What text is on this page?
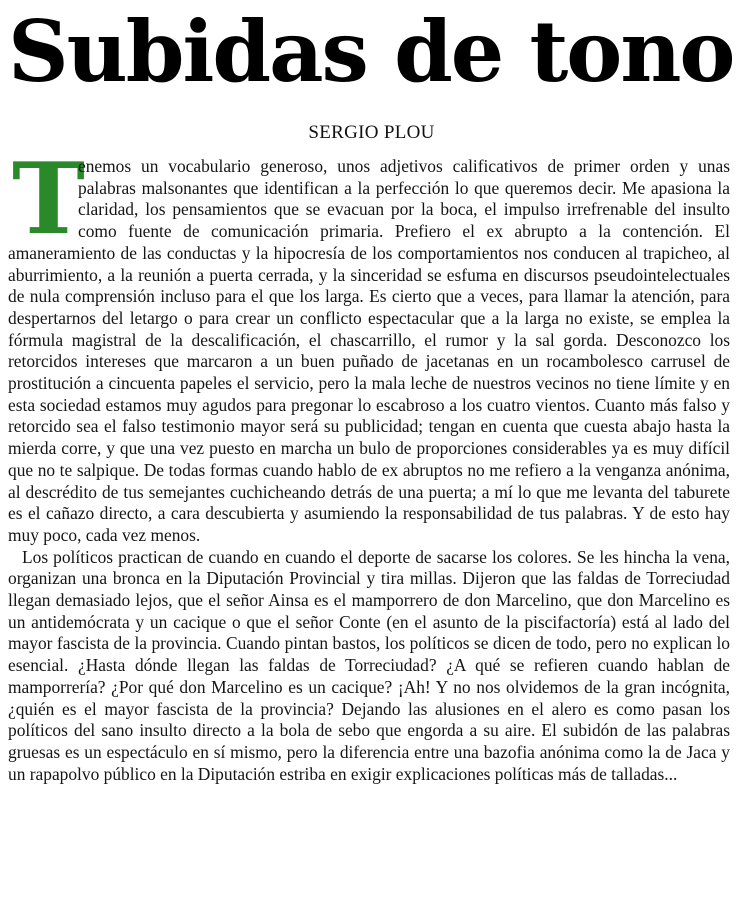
Subidas de tono
SERGIO PLOU

T
enemos un vocabulario generoso, unos adjetivos calificativos de primer orden y unas palabras malsonantes que identifican a la perfección lo que queremos decir. Me apasiona la claridad, los pensamientos que se evacuan por la boca, el impulso irrefrenable del insulto como fuente de comunicación primaria. Prefiero el ex abrupto a la contención. El amaneramiento de las conductas y la hipocresía de los comportamientos nos conducen al trapicheo, al aburrimiento, a la reunión a puerta cerrada, y la sinceridad se esfuma en discursos pseudointelectuales de nula comprensión incluso para el que los larga. Es cierto que a veces, para llamar la atención, para despertarnos del letargo o para crear un conflicto espectacular que a la larga no existe, se emplea la fórmula magistral de la descalificación, el chascarrillo, el rumor y la sal gorda. Desconozco los retorcidos intereses que marcaron a un buen puñado de jacetanas en un rocambolesco carrusel de prostitución a cincuenta papeles el servicio, pero la mala leche de nuestros vecinos no tiene límite y en esta sociedad estamos muy agudos para pregonar lo escabroso a los cuatro vientos. Cuanto más falso y retorcido sea el falso testimonio mayor será su publicidad; tengan en cuenta que cuesta abajo hasta la mierda corre, y que una vez puesto en marcha un bulo de proporciones considerables ya es muy difícil que no te salpique. De todas formas cuando hablo de ex abruptos no me refiero a la venganza anónima, al descrédito de tus semejantes cuchicheando detrás de una puerta; a mí lo que me levanta del taburete es el cañazo directo, a cara descubierta y asumiendo la responsabilidad de tus palabras. Y de esto hay muy poco, cada vez menos.

Los políticos practican de cuando en cuando el deporte de sacarse los colores. Se les hincha la vena, organizan una bronca en la Diputación Provincial y tira millas. Dijeron que las faldas de Torreciudad llegan demasiado lejos, que el señor Ainsa es el mamporrero de don Marcelino, que don Marcelino es un antidemócrata y un cacique o que el señor Conte (en el asunto de la piscifactoría) está al lado del mayor fascista de la provincia. Cuando pintan bastos, los políticos se dicen de todo, pero no explican lo esencial. ¿Hasta dónde llegan las faldas de Torreciudad? ¿A qué se refieren cuando hablan de mamporrería? ¿Por qué don Marcelino es un cacique? ¡Ah! Y no nos olvidemos de la gran incógnita, ¿quién es el mayor fascista de la provincia? Dejando las alusiones en el alero es como pasan los políticos del sano insulto directo a la bola de sebo que engorda a su aire. El subidón de las palabras gruesas es un espectáculo en sí mismo, pero la diferencia entre una bazofia anónima como la de Jaca y un rapapolvo público en la Diputación estriba en exigir explicaciones políticas más de talladas...
